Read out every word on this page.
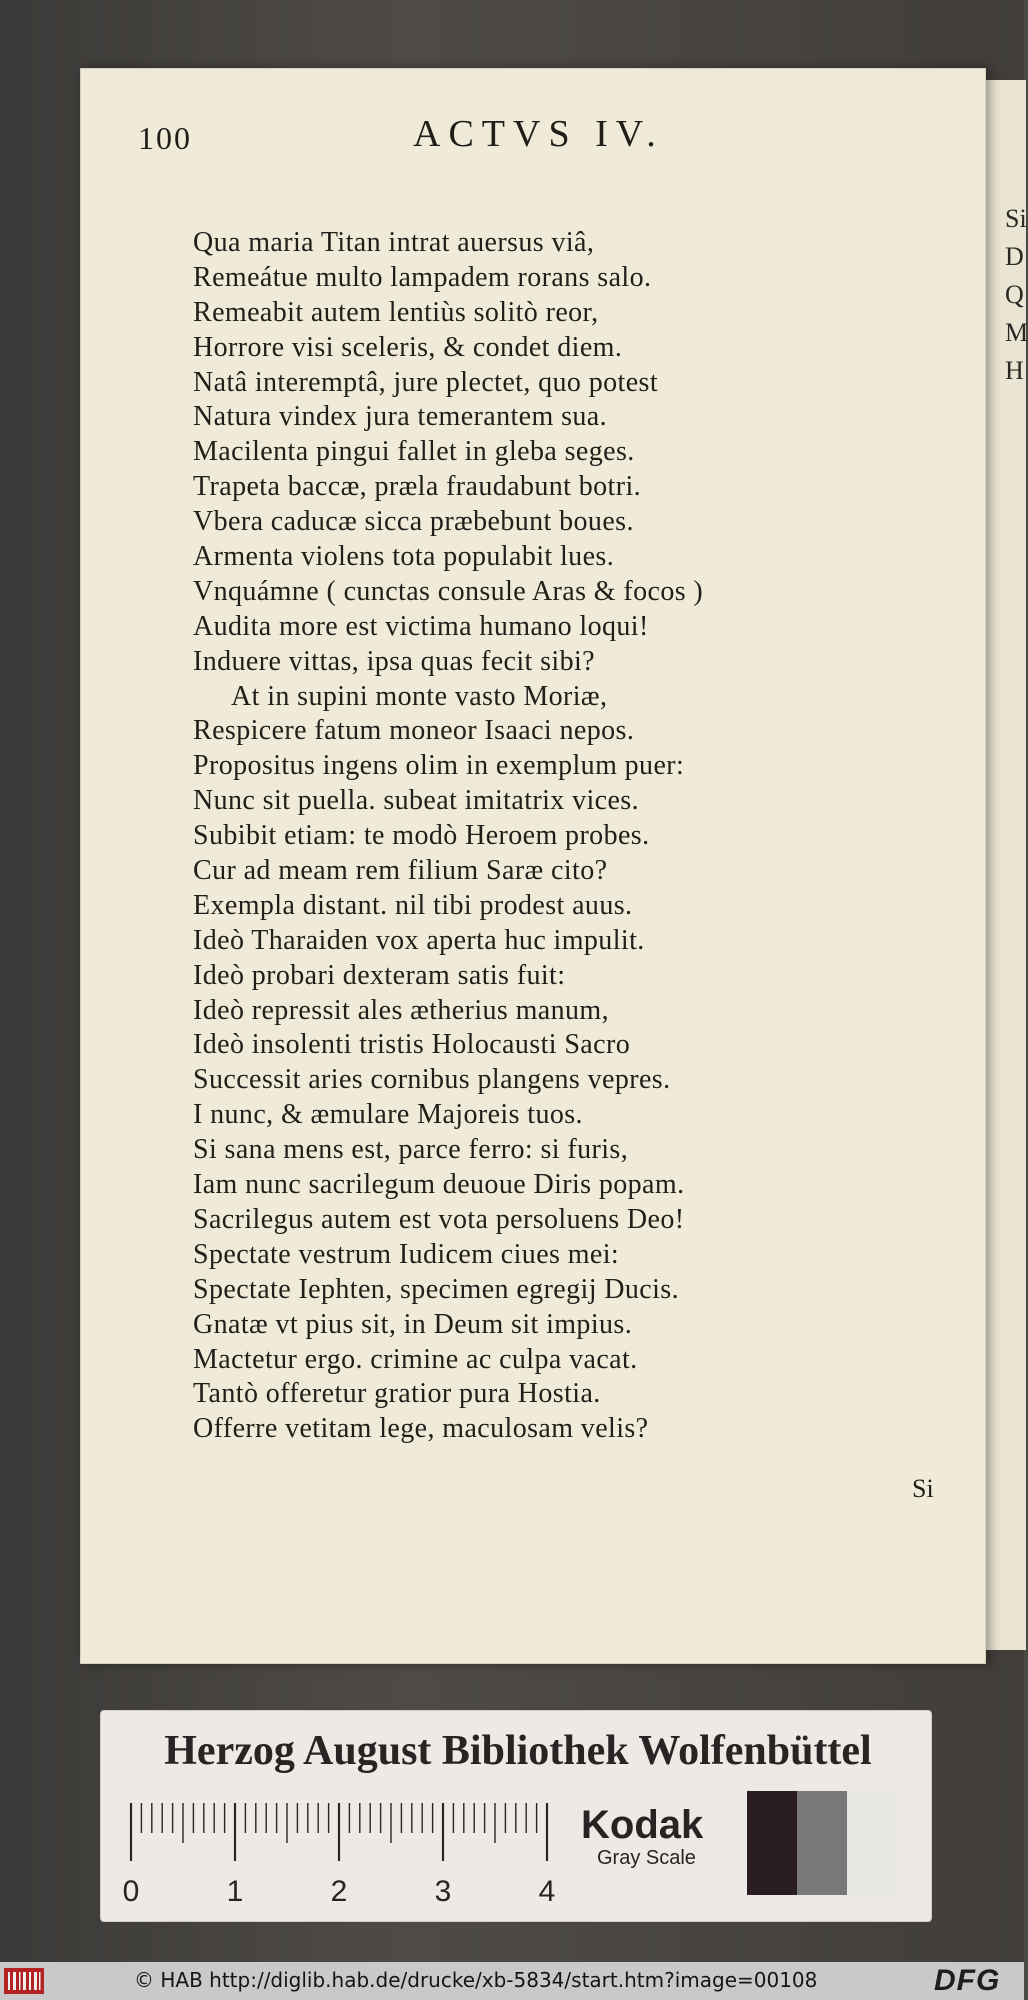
Si
D
Q
M
H
100	ACTVS IV.
Qua maria Titan intrat auersus viâ,
Remeátue multo lampadem rorans salo.
Remeabit autem lentiùs solitò reor,
Horrore visi sceleris, & condet diem.
Natâ interemptâ, jure plectet, quo potest
Natura vindex jura temerantem sua.
Macilenta pingui fallet in gleba seges.
Trapeta baccæ, præla fraudabunt botri.
Vbera caducæ sicca præbebunt boues.
Armenta violens tota populabit lues.
Vnquámne ( cunctas consule Aras & focos )
Audita more est victima humano loqui!
Induere vittas, ipsa quas fecit sibi?
At in supini monte vasto Moriæ,
Respicere fatum moneor Isaaci nepos.
Propositus ingens olim in exemplum puer:
Nunc sit puella. subeat imitatrix vices.
Subibit etiam: te modò Heroem probes.
Cur ad meam rem filium Saræ cito?
Exempla distant. nil tibi prodest auus.
Ideò Tharaiden vox aperta huc impulit.
Ideò probari dexteram satis fuit:
Ideò repressit ales ætherius manum,
Ideò insolenti tristis Holocausti Sacro
Successit aries cornibus plangens vepres.
I nunc, & æmulare Majoreis tuos.
Si sana mens est, parce ferro: si furis,
Iam nunc sacrilegum deuoue Diris popam.
Sacrilegus autem est vota persoluens Deo!
Spectate vestrum Iudicem ciues mei:
Spectate Iephten, specimen egregij Ducis.
Gnatæ vt pius sit, in Deum sit impius.
Mactetur ergo. crimine ac culpa vacat.
Tantò offeretur gratior pura Hostia.
Offerre vetitam lege, maculosam velis?
Si
Herzog August Bibliothek Wolfenbüttel
0	1	2	3	4
Kodak
Gray Scale
© HAB http://diglib.hab.de/drucke/xb-5834/start.htm?image=00108	DFG
